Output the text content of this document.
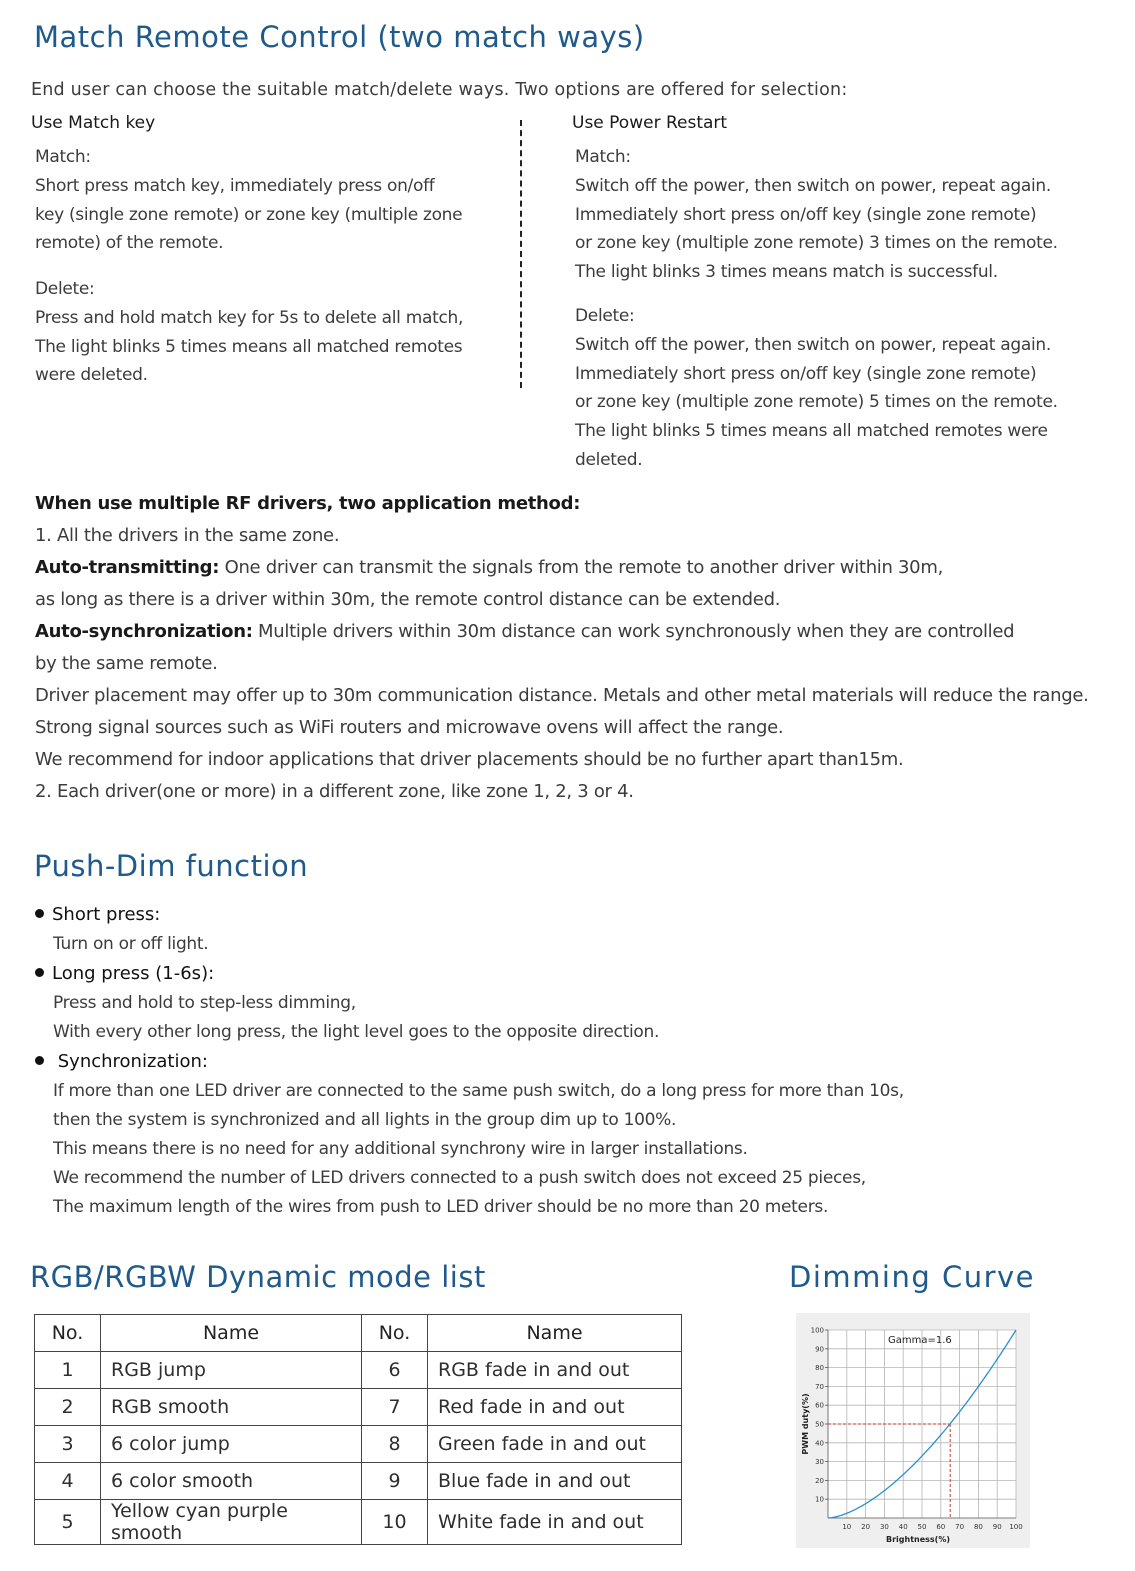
Match Remote Control (two match ways)
End user can choose the suitable match/delete ways. Two options are offered for selection:
Use Match key
Match:
Short press match key, immediately press on/off
key (single zone remote) or zone key (multiple zone
remote) of the remote.
Delete:
Press and hold match key for 5s to delete all match,
The light blinks 5 times means all matched remotes
were deleted.
Use Power Restart
Match:
Switch off the power, then switch on power, repeat again.
Immediately short press on/off key (single zone remote)
or zone key (multiple zone remote) 3 times on the remote.
The light blinks 3 times means match is successful.
Delete:
Switch off the power, then switch on power, repeat again.
Immediately short press on/off key (single zone remote)
or zone key (multiple zone remote) 5 times on the remote.
The light blinks 5 times means all matched remotes were
deleted.
When use multiple RF drivers, two application method:
1. All the drivers in the same zone.
Auto-transmitting: One driver can transmit the signals from the remote to another driver within 30m,
as long as there is a driver within 30m, the remote control distance can be extended.
Auto-synchronization: Multiple drivers within 30m distance can work synchronously when they are controlled
by the same remote.
Driver placement may offer up to 30m communication distance. Metals and other metal materials will reduce the range.
Strong signal sources such as WiFi routers and microwave ovens will affect the range.
We recommend for indoor applications that driver placements should be no further apart than15m.
2. Each driver(one or more) in a different zone, like zone 1, 2, 3 or 4.
Push-Dim function
Short press:
Turn on or off light.
Long press (1-6s):
Press and hold to step-less dimming,
With every other long press, the light level goes to the opposite direction.
Synchronization:
If more than one LED driver are connected to the same push switch, do a long press for more than 10s,
then the system is synchronized and all lights in the group dim up to 100%.
This means there is no need for any additional synchrony wire in larger installations.
We recommend the number of LED drivers connected to a push switch does not exceed 25 pieces,
The maximum length of the wires from push to LED driver should be no more than 20 meters.
RGB/RGBW Dynamic mode list
No.	Name	No.	Name
1	RGB jump	6	RGB fade in and out
2	RGB smooth	7	Red fade in and out
3	6 color jump	8	Green fade in and out
4	6 color smooth	9	Blue fade in and out
5	Yellow cyan purple smooth	10	White fade in and out
Dimming Curve
10 20 30 40 50 60 70 80 90 100
10
20
30
40
50
60
70
80
90
100
Gamma=1.6
Brightness(%)
PWM duty(%)
